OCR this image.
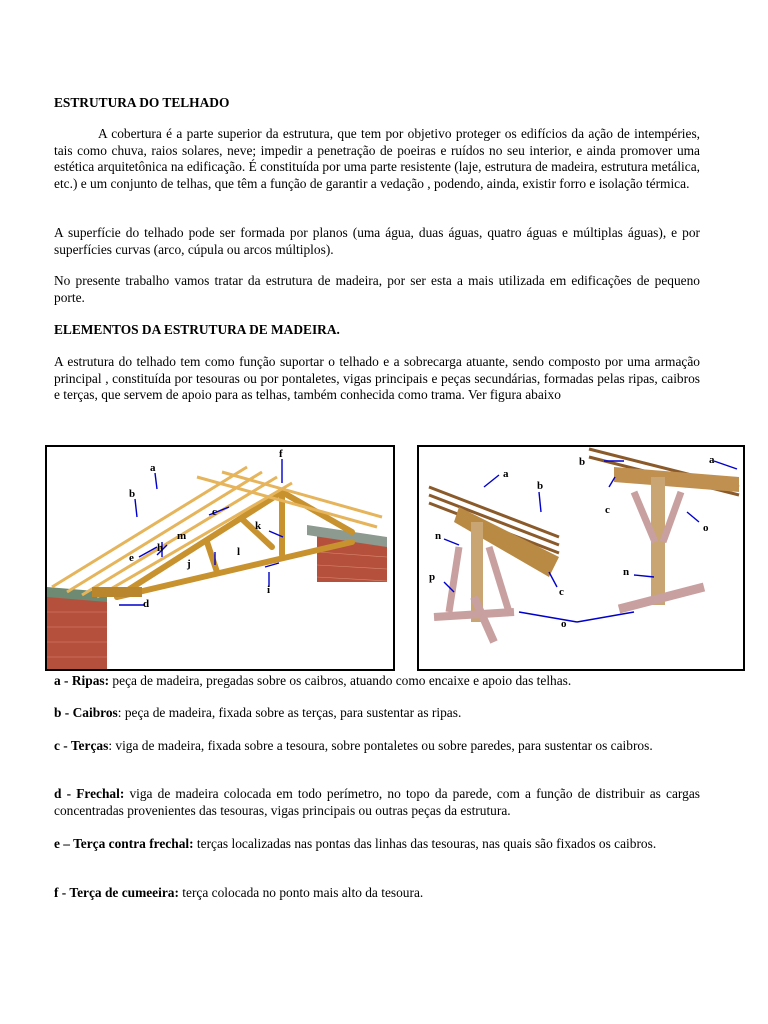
ESTRUTURA DO TELHADO

A cobertura é a parte superior da estrutura, que tem por objetivo proteger os edifícios da ação de intempéries, tais como chuva, raios solares, neve; impedir a penetração de poeiras e ruídos no seu interior, e ainda promover uma estética arquitetônica na edificação. É constituída por uma parte resistente (laje, estrutura de madeira, estrutura metálica, etc.) e um conjunto de telhas, que têm a função de garantir a vedação , podendo, ainda, existir forro e isolação térmica.

A superfície do telhado pode ser formada por planos (uma água, duas águas, quatro águas e múltiplas águas), e por superfícies curvas (arco, cúpula ou arcos múltiplos).

No presente trabalho vamos tratar da estrutura de madeira, por ser esta a mais utilizada em edificações de pequeno porte.

ELEMENTOS DA ESTRUTURA DE MADEIRA.

A estrutura do telhado tem como função suportar o telhado e a sobrecarga atuante, sendo composto por uma armação principal , constituída por tesouras ou por pontaletes, vigas principais e peças secundárias, formadas pelas ripas, caibros e terças, que servem de apoio para as telhas, também conhecida como trama. Ver figura abaixo

a
b
c
f
m
h
e	j
d
k
l
i
a
b
c
b
c
a
n
p	n
o
o

a - Ripas: peça de madeira, pregadas sobre os caibros, atuando como encaixe e apoio das telhas.

b - Caibros: peça de madeira, fixada sobre as terças, para sustentar as ripas.

c - Terças: viga de madeira, fixada sobre a tesoura, sobre pontaletes ou sobre paredes, para sustentar os caibros.

d - Frechal: viga de madeira colocada em todo perímetro, no topo da parede, com a função de distribuir as cargas concentradas provenientes das tesouras, vigas principais ou outras peças da estrutura.

e – Terça contra frechal: terças localizadas nas pontas das linhas das tesouras, nas quais são fixados os caibros.

f - Terça de cumeeira: terça colocada no ponto mais alto da tesoura.
